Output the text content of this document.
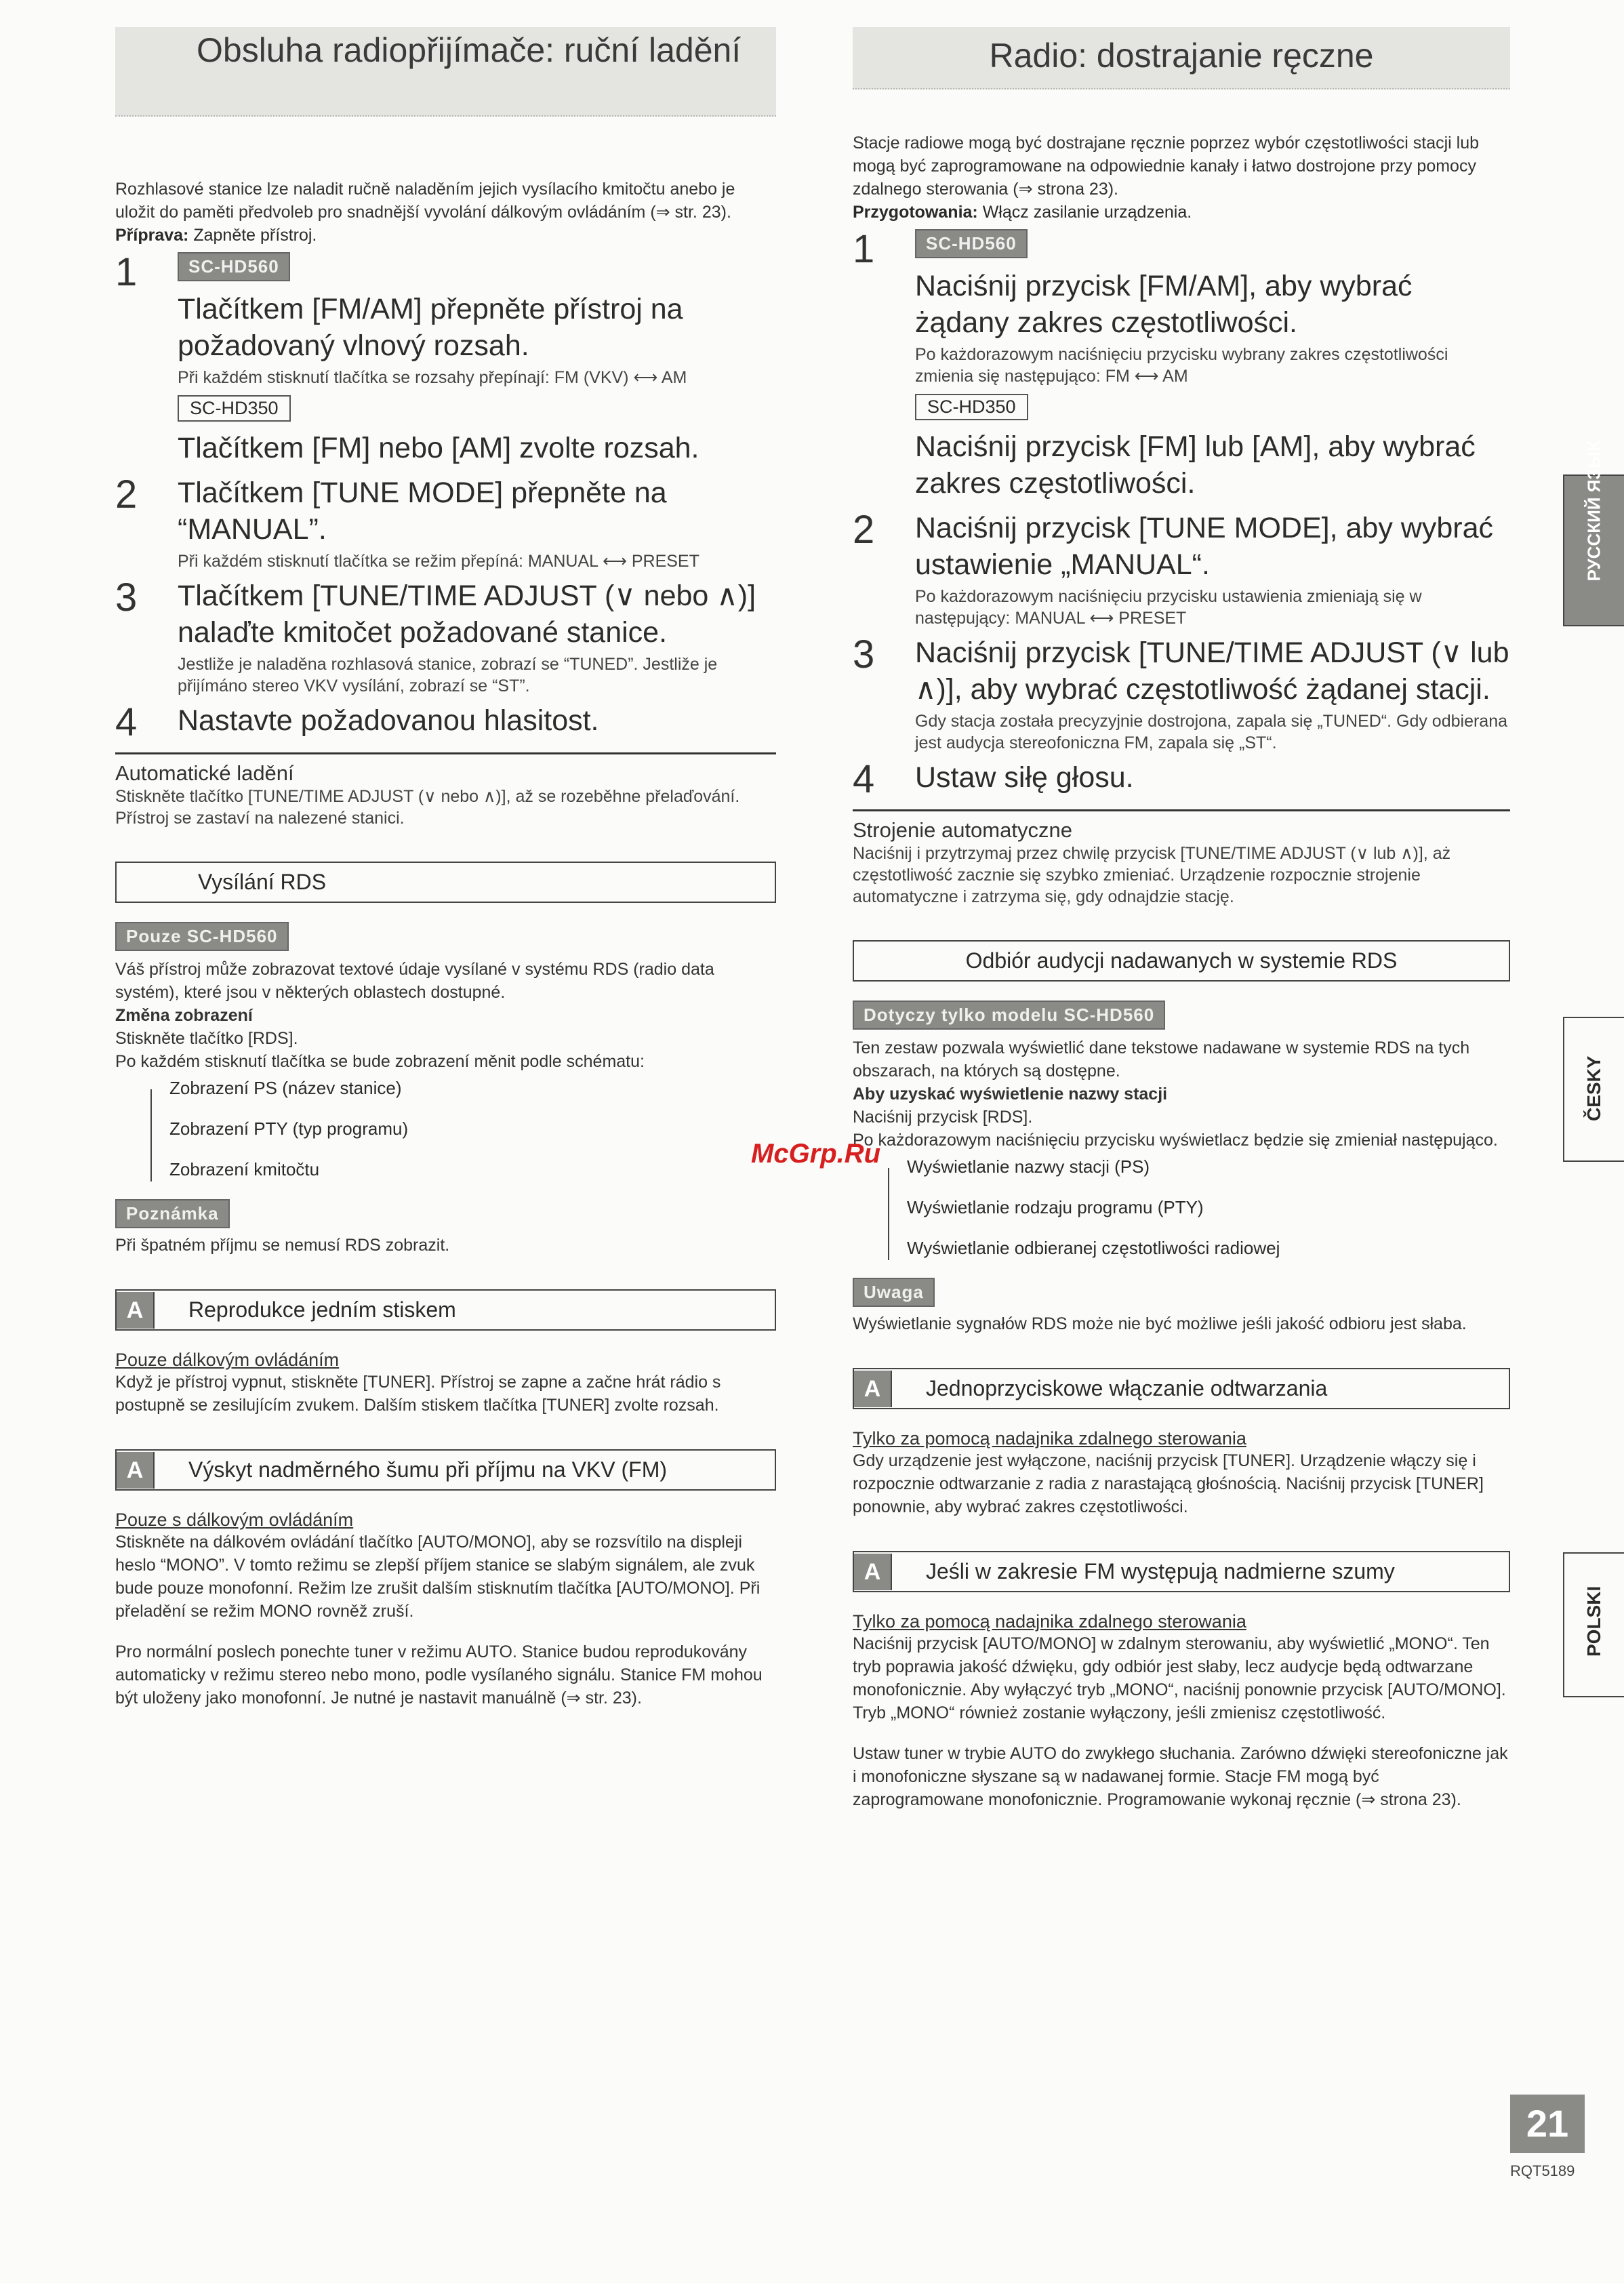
Obsluha radiopřijímače: ruční ladění

Rozhlasové stanice lze naladit ručně naladěním jejich vysílacího kmitočtu anebo je uložit do paměti předvoleb pro snadnější vyvolání dálkovým ovládáním (⇒ str. 23).

Příprava: Zapněte přístroj.

1	SC-HD560
Tlačítkem [FM/AM] přepněte přístroj na požadovaný vlnový rozsah.

Při každém stisknutí tlačítka se rozsahy přepínají: FM (VKV) ⟷ AM

SC-HD350
Tlačítkem [FM] nebo [AM] zvolte rozsah.
2	Tlačítkem [TUNE MODE] přepněte na “MANUAL”.

Při každém stisknutí tlačítka se režim přepíná: MANUAL ⟷ PRESET

3	Tlačítkem [TUNE/TIME ADJUST (∨ nebo ∧)] nalaďte kmitočet požadované stanice.

Jestliže je naladěna rozhlasová stanice, zobrazí se “TUNED”. Jestliže je přijímáno stereo VKV vysílání, zobrazí se “ST”.

4	Nastavte požadovanou hlasitost.
Automatické ladění

Stiskněte tlačítko [TUNE/TIME ADJUST (∨ nebo ∧)], až se rozeběhne přelaďování. Přístroj se zastaví na nalezené stanici.

Vysílání RDS
Pouze SC-HD560

Váš přístroj může zobrazovat textové údaje vysílané v systému RDS (radio data systém), které jsou v některých oblastech dostupné.

Změna zobrazení

Stiskněte tlačítko [RDS].

Po každém stisknutí tlačítka se bude zobrazení měnit podle schématu:

Zobrazení PS (název stanice)
Zobrazení PTY (typ programu)
Zobrazení kmitočtu
Poznámka

Při špatném příjmu se nemusí RDS zobrazit.

A	Reprodukce jedním stiskem
Pouze dálkovým ovládáním

Když je přístroj vypnut, stiskněte [TUNER]. Přístroj se zapne a začne hrát rádio s postupně se zesilujícím zvukem. Dalším stiskem tlačítka [TUNER] zvolte rozsah.

A	Výskyt nadměrného šumu při příjmu na VKV (FM)
Pouze s dálkovým ovládáním

Stiskněte na dálkovém ovládání tlačítko [AUTO/MONO], aby se rozsvítilo na displeji heslo “MONO”. V tomto režimu se zlepší příjem stanice se slabým signálem, ale zvuk bude pouze monofonní. Režim lze zrušit dalším stisknutím tlačítka [AUTO/MONO]. Při přeladění se režim MONO rovněž zruší.

Pro normální poslech ponechte tuner v režimu AUTO. Stanice budou reprodukovány automaticky v režimu stereo nebo mono, podle vysílaného signálu. Stanice FM mohou být uloženy jako monofonní. Je nutné je nastavit manuálně (⇒ str. 23).

Radio: dostrajanie ręczne

Stacje radiowe mogą być dostrajane ręcznie poprzez wybór częstotliwości stacji lub mogą być zaprogramowane na odpowiednie kanały i łatwo dostrojone przy pomocy zdalnego sterowania (⇒ strona 23).

Przygotowania: Włącz zasilanie urządzenia.

1	SC-HD560
Naciśnij przycisk [FM/AM], aby wybrać żądany zakres częstotliwości.

Po każdorazowym naciśnięciu przycisku wybrany zakres częstotliwości zmienia się następująco: FM ⟷ AM

SC-HD350
Naciśnij przycisk [FM] lub [AM], aby wybrać zakres częstotliwości.
2	Naciśnij przycisk [TUNE MODE], aby wybrać ustawienie „MANUAL“.

Po każdorazowym naciśnięciu przycisku ustawienia zmieniają się w następujący: MANUAL ⟷ PRESET

3	Naciśnij przycisk [TUNE/TIME ADJUST (∨ lub ∧)], aby wybrać częstotliwość żądanej stacji.

Gdy stacja została precyzyjnie dostrojona, zapala się „TUNED“. Gdy odbierana jest audycja stereofoniczna FM, zapala się „ST“.

4	Ustaw siłę głosu.
Strojenie automatyczne

Naciśnij i przytrzymaj przez chwilę przycisk [TUNE/TIME ADJUST (∨ lub ∧)], aż częstotliwość zacznie się szybko zmieniać. Urządzenie rozpocznie strojenie automatyczne i zatrzyma się, gdy odnajdzie stację.

Odbiór audycji nadawanych w systemie RDS
Dotyczy tylko modelu SC-HD560

Ten zestaw pozwala wyświetlić dane tekstowe nadawane w systemie RDS na tych obszarach, na których są dostępne.

Aby uzyskać wyświetlenie nazwy stacji

Naciśnij przycisk [RDS].

Po każdorazowym naciśnięciu przycisku wyświetlacz będzie się zmieniał następująco.

Wyświetlanie nazwy stacji (PS)
Wyświetlanie rodzaju programu (PTY)
Wyświetlanie odbieranej częstotliwości radiowej
Uwaga

Wyświetlanie sygnałów RDS może nie być możliwe jeśli jakość odbioru jest słaba.

A	Jednoprzyciskowe włączanie odtwarzania
Tylko za pomocą nadajnika zdalnego sterowania

Gdy urządzenie jest wyłączone, naciśnij przycisk [TUNER]. Urządzenie włączy się i rozpocznie odtwarzanie z radia z narastającą głośnością. Naciśnij przycisk [TUNER] ponownie, aby wybrać zakres częstotliwości.

A	Jeśli w zakresie FM występują nadmierne szumy
Tylko za pomocą nadajnika zdalnego sterowania

Naciśnij przycisk [AUTO/MONO] w zdalnym sterowaniu, aby wyświetlić „MONO“. Ten tryb poprawia jakość dźwięku, gdy odbiór jest słaby, lecz audycje będą odtwarzane monofonicznie. Aby wyłączyć tryb „MONO“, naciśnij ponownie przycisk [AUTO/MONO]. Tryb „MONO“ również zostanie wyłączony, jeśli zmienisz częstotliwość.

Ustaw tuner w trybie AUTO do zwykłego słuchania. Zarówno dźwięki stereofoniczne jak i monofoniczne słyszane są w nadawanej formie. Stacje FM mogą być zaprogramowane monofonicznie. Programowanie wykonaj ręcznie (⇒ strona 23).

РУССКИЙ ЯЗЫК
ČESKY
POLSKI
McGrp.Ru
21
RQT5189
